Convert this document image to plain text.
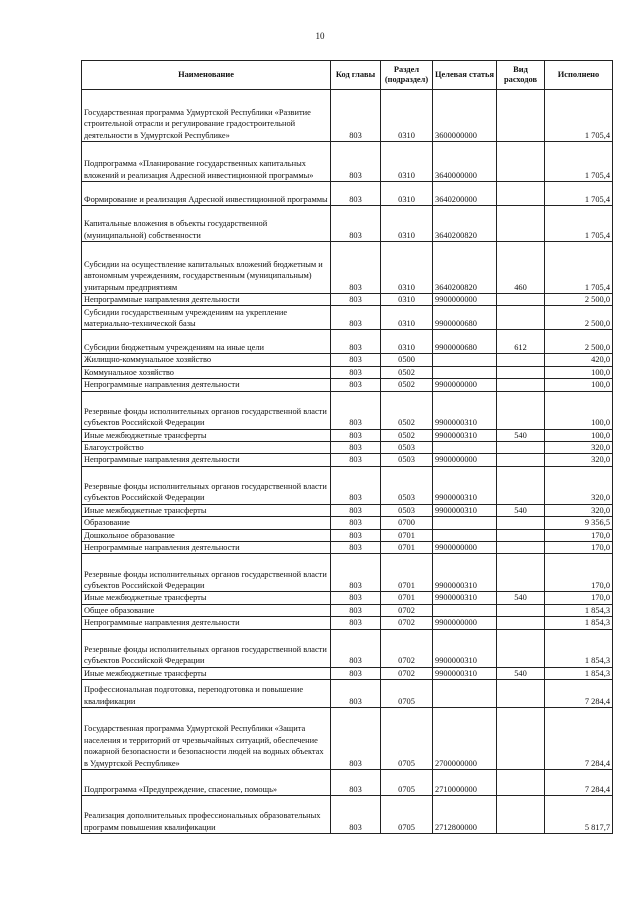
10
Наименование	Код главы	Раздел (подраздел)	Целевая статья	Вид расходов	Исполнено
Государственная программа Удмуртской Республики «Развитие строительной отрасли и регулирование градостроительной деятельности в Удмуртской Республике»	803	0310	3600000000		1 705,4
Подпрограмма «Планирование государственных капитальных вложений и реализация Адресной инвестиционной программы»	803	0310	3640000000		1 705,4
Формирование и реализация Адресной инвестиционной программы	803	0310	3640200000		1 705,4
Капитальные вложения в объекты государственной (муниципальной) собственности	803	0310	3640200820		1 705,4
Субсидии на осуществление капитальных вложений бюджетным и автономным учреждениям, государственным (муниципальным) унитарным предприятиям	803	0310	3640200820	460	1 705,4
Непрограммные направления деятельности	803	0310	9900000000		2 500,0
Субсидии государственным учреждениям на укрепление материально-технической базы	803	0310	9900000680		2 500,0
Субсидии бюджетным учреждениям на иные цели	803	0310	9900000680	612	2 500,0
Жилищно-коммунальное хозяйство	803	0500			420,0
Коммунальное хозяйство	803	0502			100,0
Непрограммные направления деятельности	803	0502	9900000000		100,0
Резервные фонды исполнительных органов государственной власти субъектов Российской Федерации	803	0502	9900000310		100,0
Иные межбюджетные трансферты	803	0502	9900000310	540	100,0
Благоустройство	803	0503			320,0
Непрограммные направления деятельности	803	0503	9900000000		320,0
Резервные фонды исполнительных органов государственной власти субъектов Российской Федерации	803	0503	9900000310		320,0
Иные межбюджетные трансферты	803	0503	9900000310	540	320,0
Образование	803	0700			9 356,5
Дошкольное образование	803	0701			170,0
Непрограммные направления деятельности	803	0701	9900000000		170,0
Резервные фонды исполнительных органов государственной власти субъектов Российской Федерации	803	0701	9900000310		170,0
Иные межбюджетные трансферты	803	0701	9900000310	540	170,0
Общее образование	803	0702			1 854,3
Непрограммные направления деятельности	803	0702	9900000000		1 854,3
Резервные фонды исполнительных органов государственной власти субъектов Российской Федерации	803	0702	9900000310		1 854,3
Иные межбюджетные трансферты	803	0702	9900000310	540	1 854,3
Профессиональная подготовка, переподготовка и повышение квалификации	803	0705			7 284,4
Государственная программа Удмуртской Республики «Защита населения и территорий от чрезвычайных ситуаций, обеспечение пожарной безопасности и безопасности людей на водных объектах в Удмуртской Республике»	803	0705	2700000000		7 284,4
Подпрограмма «Предупреждение, спасение, помощь»	803	0705	2710000000		7 284,4
Реализация дополнительных профессиональных образовательных программ повышения квалификации	803	0705	2712800000		5 817,7
